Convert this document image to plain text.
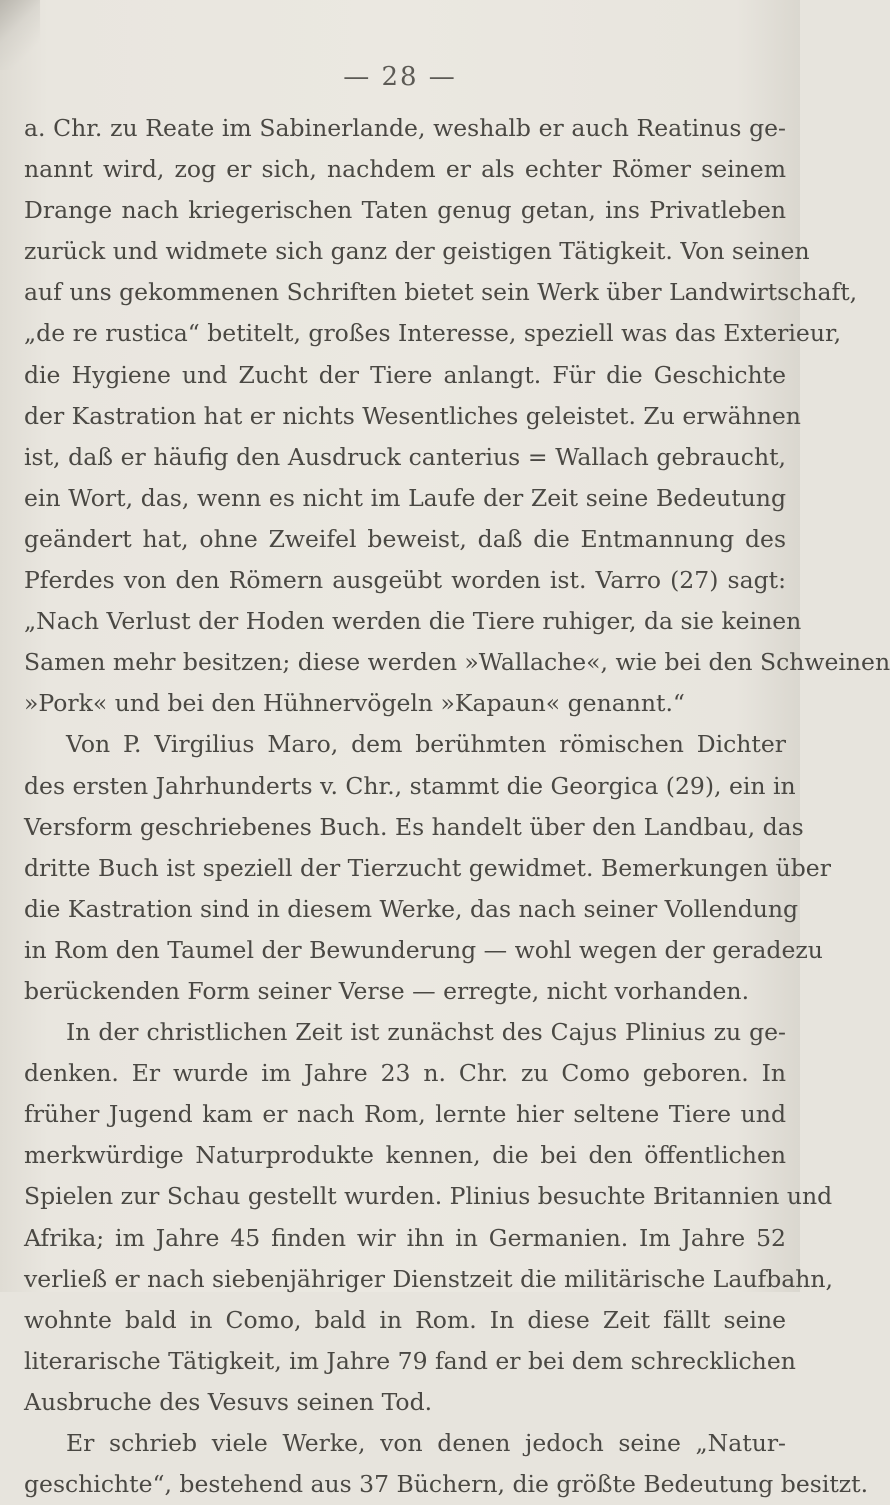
— 28 —

a. Chr. zu Reate im Sabinerlande, weshalb er auch Reatinus ge-
nannt wird, zog er sich, nachdem er als echter Römer seinem
Drange nach kriegerischen Taten genug getan, ins Privatleben
zurück und widmete sich ganz der geistigen Tätigkeit. Von seinen
auf uns gekommenen Schriften bietet sein Werk über Landwirtschaft,
„de re rustica“ betitelt, großes Interesse, speziell was das Exterieur,
die Hygiene und Zucht der Tiere anlangt. Für die Geschichte
der Kastration hat er nichts Wesentliches geleistet. Zu erwähnen
ist, daß er häufig den Ausdruck canterius = Wallach gebraucht,
ein Wort, das, wenn es nicht im Laufe der Zeit seine Bedeutung
geändert hat, ohne Zweifel beweist, daß die Entmannung des
Pferdes von den Römern ausgeübt worden ist. Varro (27) sagt:
„Nach Verlust der Hoden werden die Tiere ruhiger, da sie keinen
Samen mehr besitzen; diese werden »Wallache«, wie bei den Schweinen
»Pork« und bei den Hühnervögeln »Kapaun« genannt.“

Von P. Virgilius Maro, dem berühmten römischen Dichter
des ersten Jahrhunderts v. Chr., stammt die Georgica (29), ein in
Versform geschriebenes Buch. Es handelt über den Landbau, das
dritte Buch ist speziell der Tierzucht gewidmet. Bemerkungen über
die Kastration sind in diesem Werke, das nach seiner Vollendung
in Rom den Taumel der Bewunderung — wohl wegen der geradezu
berückenden Form seiner Verse — erregte, nicht vorhanden.

In der christlichen Zeit ist zunächst des Cajus Plinius zu ge-
denken. Er wurde im Jahre 23 n. Chr. zu Como geboren. In
früher Jugend kam er nach Rom, lernte hier seltene Tiere und
merkwürdige Naturprodukte kennen, die bei den öffentlichen
Spielen zur Schau gestellt wurden. Plinius besuchte Britannien und
Afrika; im Jahre 45 finden wir ihn in Germanien. Im Jahre 52
verließ er nach siebenjähriger Dienstzeit die militärische Laufbahn,
wohnte bald in Como, bald in Rom. In diese Zeit fällt seine
literarische Tätigkeit, im Jahre 79 fand er bei dem schrecklichen
Ausbruche des Vesuvs seinen Tod.

Er schrieb viele Werke, von denen jedoch seine „Natur-
geschichte“, bestehend aus 37 Büchern, die größte Bedeutung besitzt.
